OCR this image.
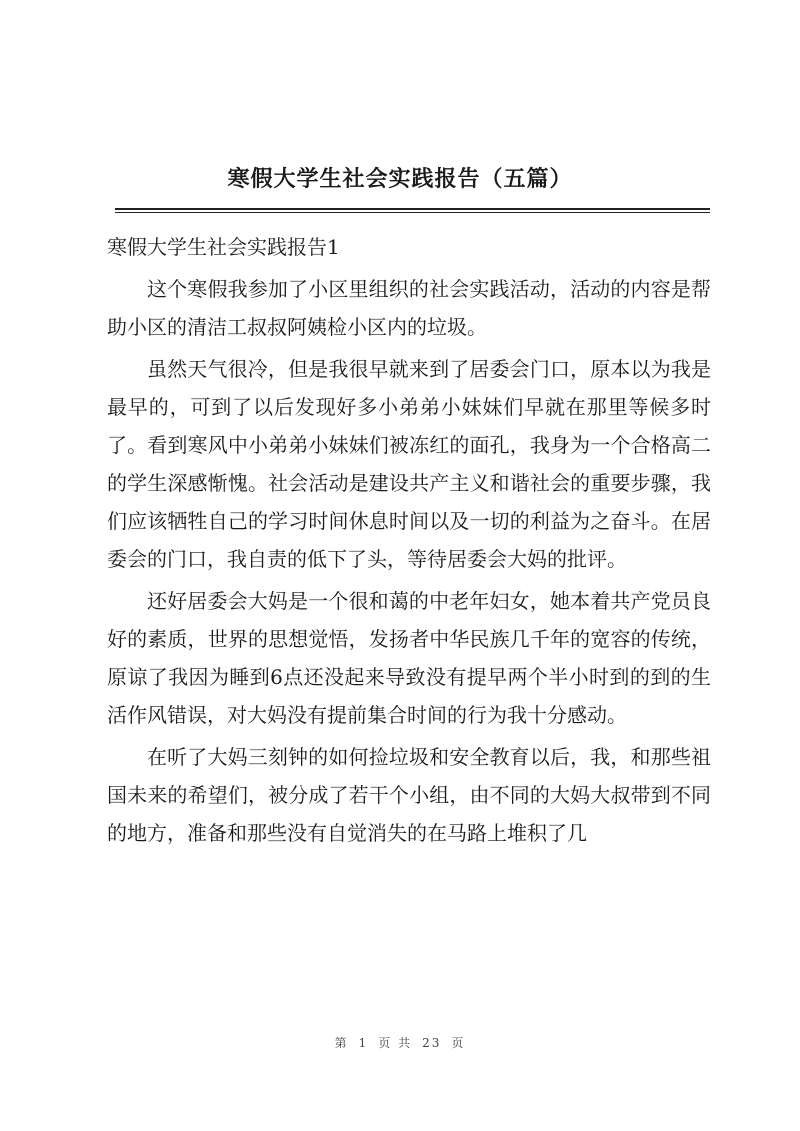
寒假大学生社会实践报告（五篇）
寒假大学生社会实践报告1

这个寒假我参加了小区里组织的社会实践活动，活动的内容是帮助小区的清洁工叔叔阿姨检小区内的垃圾。

虽然天气很冷，但是我很早就来到了居委会门口，原本以为我是最早的，可到了以后发现好多小弟弟小妹妹们早就在那里等候多时了。看到寒风中小弟弟小妹妹们被冻红的面孔，我身为一个合格高二的学生深感惭愧。社会活动是建设共产主义和谐社会的重要步骤，我们应该牺牲自己的学习时间休息时间以及一切的利益为之奋斗。在居委会的门口，我自责的低下了头，等待居委会大妈的批评。

还好居委会大妈是一个很和蔼的中老年妇女，她本着共产党员良好的素质，世界的思想觉悟，发扬者中华民族几千年的宽容的传统，原谅了我因为睡到6点还没起来导致没有提早两个半小时到的到的生活作风错误，对大妈没有提前集合时间的行为我十分感动。

在听了大妈三刻钟的如何捡垃圾和安全教育以后，我，和那些祖国未来的希望们，被分成了若干个小组，由不同的大妈大叔带到不同的地方，准备和那些没有自觉消失的在马路上堆积了几

第 1 页 共 23 页
